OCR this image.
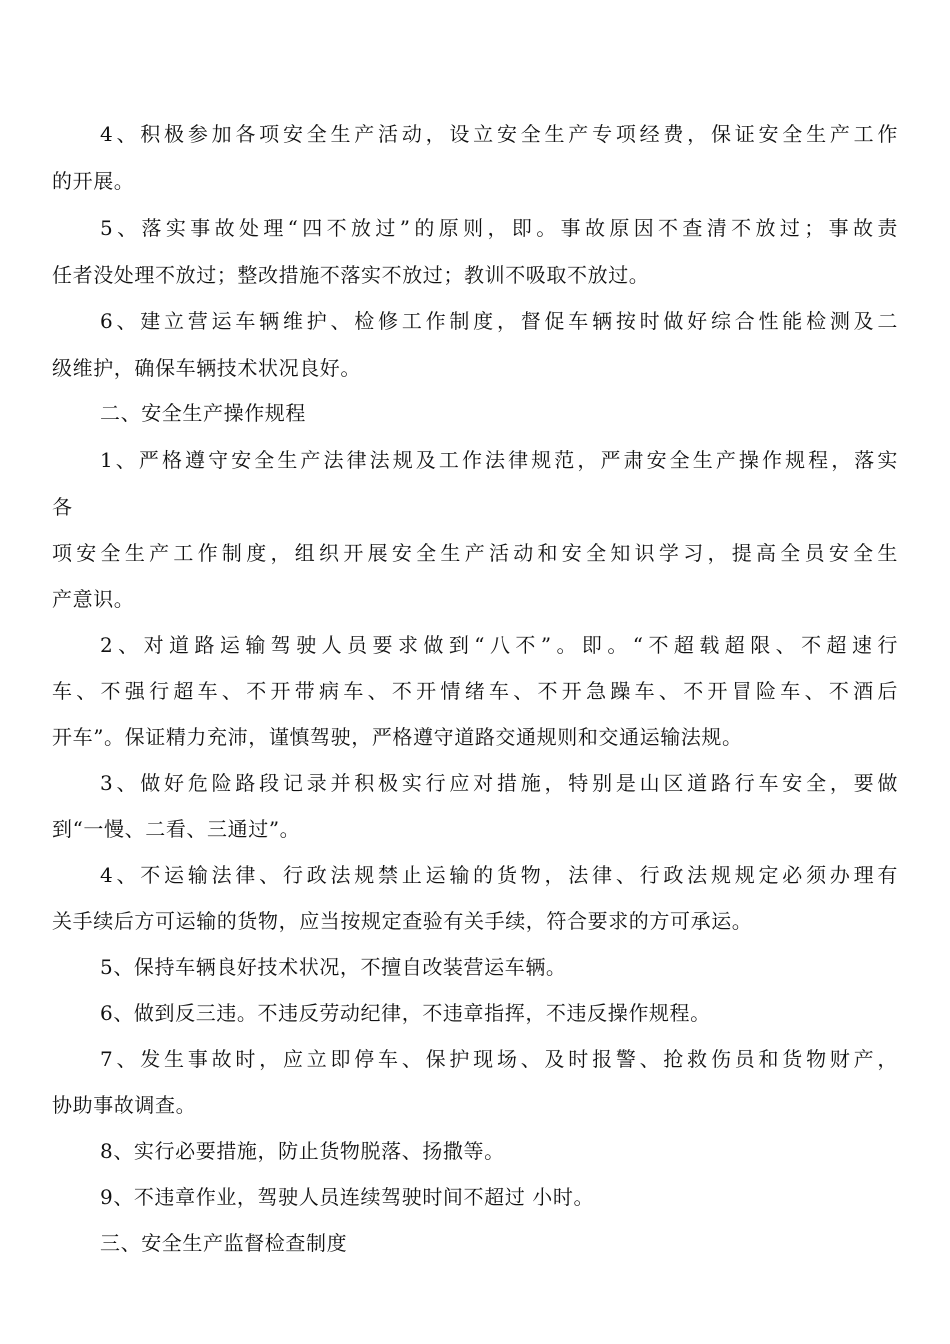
4、积极参加各项安全生产活动，设立安全生产专项经费，保证安全生产工作
的开展。
5、落实事故处理“四不放过”的原则，即。事故原因不查清不放过；事故责
任者没处理不放过；整改措施不落实不放过；教训不吸取不放过。
6、建立营运车辆维护、检修工作制度，督促车辆按时做好综合性能检测及二
级维护，确保车辆技术状况良好。
二、安全生产操作规程
1、严格遵守安全生产法律法规及工作法律规范，严肃安全生产操作规程，落实
各
项安全生产工作制度，组织开展安全生产活动和安全知识学习，提高全员安全生
产意识。
2、对道路运输驾驶人员要求做到“八不”。即。“不超载超限、不超速行
车、不强行超车、不开带病车、不开情绪车、不开急躁车、不开冒险车、不酒后
开车”。保证精力充沛，谨慎驾驶，严格遵守道路交通规则和交通运输法规。
3、做好危险路段记录并积极实行应对措施，特别是山区道路行车安全，要做
到“一慢、二看、三通过”。
4、不运输法律、行政法规禁止运输的货物，法律、行政法规规定必须办理有
关手续后方可运输的货物，应当按规定查验有关手续，符合要求的方可承运。
5、保持车辆良好技术状况，不擅自改装营运车辆。
6、做到反三违。不违反劳动纪律，不违章指挥，不违反操作规程。
7、发生事故时，应立即停车、保护现场、及时报警、抢救伤员和货物财产，
协助事故调查。
8、实行必要措施，防止货物脱落、扬撒等。
9、不违章作业，驾驶人员连续驾驶时间不超过 小时。
三、安全生产监督检查制度
